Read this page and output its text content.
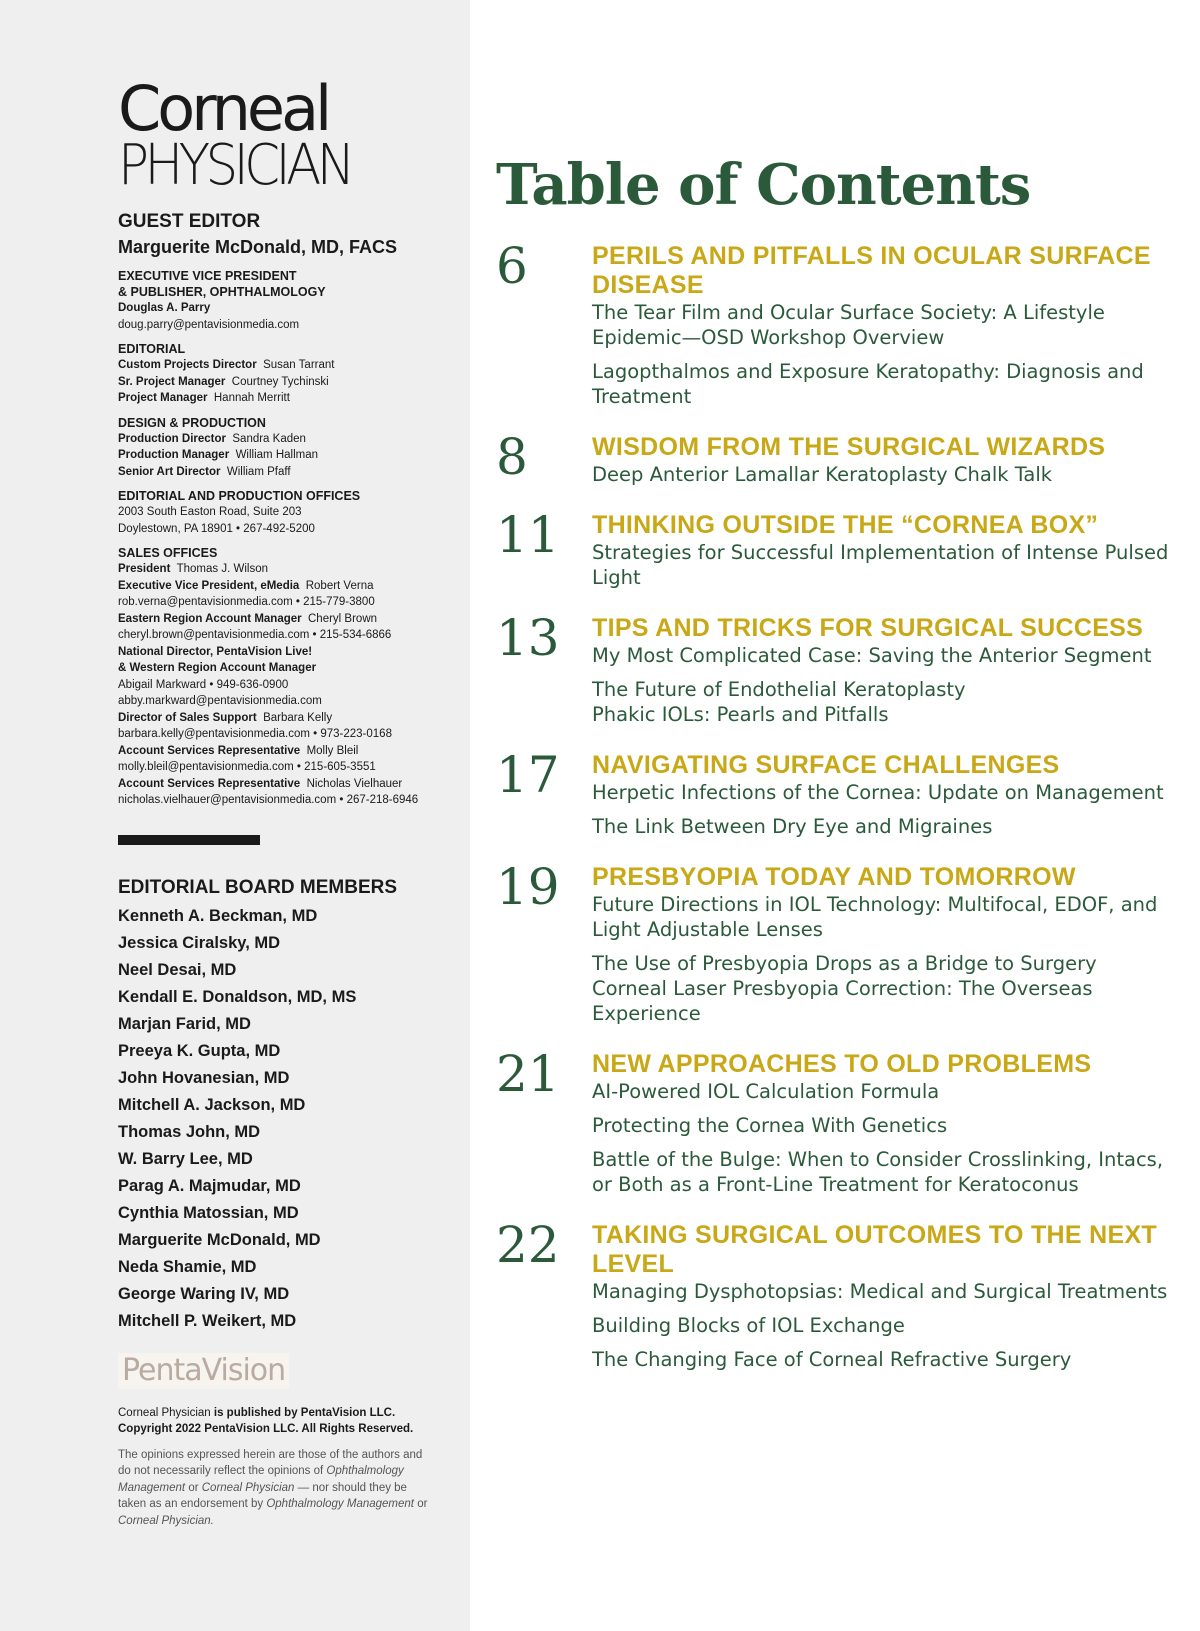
Corneal
PHYSICIAN

GUEST EDITOR

Marguerite McDonald, MD, FACS

EXECUTIVE VICE PRESIDENT

& PUBLISHER, OPHTHALMOLOGY

Douglas A. Parry

doug.parry@pentavisionmedia.com

EDITORIAL

Custom Projects Director Susan Tarrant

Sr. Project Manager Courtney Tychinski

Project Manager Hannah Merritt

DESIGN & PRODUCTION

Production Director Sandra Kaden

Production Manager William Hallman

Senior Art Director William Pfaff

EDITORIAL AND PRODUCTION OFFICES

2003 South Easton Road, Suite 203

Doylestown, PA 18901 • 267-492-5200

SALES OFFICES

President Thomas J. Wilson

Executive Vice President, eMedia Robert Verna

rob.verna@pentavisionmedia.com • 215-779-3800

Eastern Region Account Manager Cheryl Brown

cheryl.brown@pentavisionmedia.com • 215-534-6866

National Director, PentaVision Live!

& Western Region Account Manager

Abigail Markward • 949-636-0900

abby.markward@pentavisionmedia.com

Director of Sales Support Barbara Kelly

barbara.kelly@pentavisionmedia.com • 973-223-0168

Account Services Representative Molly Bleil

molly.bleil@pentavisionmedia.com • 215-605-3551

Account Services Representative Nicholas Vielhauer

nicholas.vielhauer@pentavisionmedia.com • 267-218-6946

EDITORIAL BOARD MEMBERS

Kenneth A. Beckman, MD

Jessica Ciralsky, MD

Neel Desai, MD

Kendall E. Donaldson, MD, MS

Marjan Farid, MD

Preeya K. Gupta, MD

John Hovanesian, MD

Mitchell A. Jackson, MD

Thomas John, MD

W. Barry Lee, MD

Parag A. Majmudar, MD

Cynthia Matossian, MD

Marguerite McDonald, MD

Neda Shamie, MD

George Waring IV, MD

Mitchell P. Weikert, MD

PentaVision

Corneal Physician is published by PentaVision LLC.

Copyright 2022 PentaVision LLC. All Rights Reserved.

The opinions expressed herein are those of the authors and do not necessarily reflect the opinions of Ophthalmology Management or Corneal Physician — nor should they be taken as an endorsement by Ophthalmology Management or Corneal Physician.

Table of Contents
6	PERILS AND PITFALLS IN OCULAR SURFACE DISEASE

The Tear Film and Ocular Surface Society: A Lifestyle Epidemic—OSD Workshop Overview

Lagopthalmos and Exposure Keratopathy: Diagnosis and Treatment

8	WISDOM FROM THE SURGICAL WIZARDS

Deep Anterior Lamallar Keratoplasty Chalk Talk

11	THINKING OUTSIDE THE “CORNEA BOX”

Strategies for Successful Implementation of Intense Pulsed Light

13	TIPS AND TRICKS FOR SURGICAL SUCCESS

My Most Complicated Case: Saving the Anterior Segment

The Future of Endothelial Keratoplasty

Phakic IOLs: Pearls and Pitfalls

17	NAVIGATING SURFACE CHALLENGES

Herpetic Infections of the Cornea: Update on Management

The Link Between Dry Eye and Migraines

19	PRESBYOPIA TODAY AND TOMORROW

Future Directions in IOL Technology: Multifocal, EDOF, and Light Adjustable Lenses

The Use of Presbyopia Drops as a Bridge to Surgery

Corneal Laser Presbyopia Correction: The Overseas Experience

21	NEW APPROACHES TO OLD PROBLEMS

AI-Powered IOL Calculation Formula

Protecting the Cornea With Genetics

Battle of the Bulge: When to Consider Crosslinking, Intacs, or Both as a Front-Line Treatment for Keratoconus

22	TAKING SURGICAL OUTCOMES TO THE NEXT LEVEL

Managing Dysphotopsias: Medical and Surgical Treatments

Building Blocks of IOL Exchange

The Changing Face of Corneal Refractive Surgery
